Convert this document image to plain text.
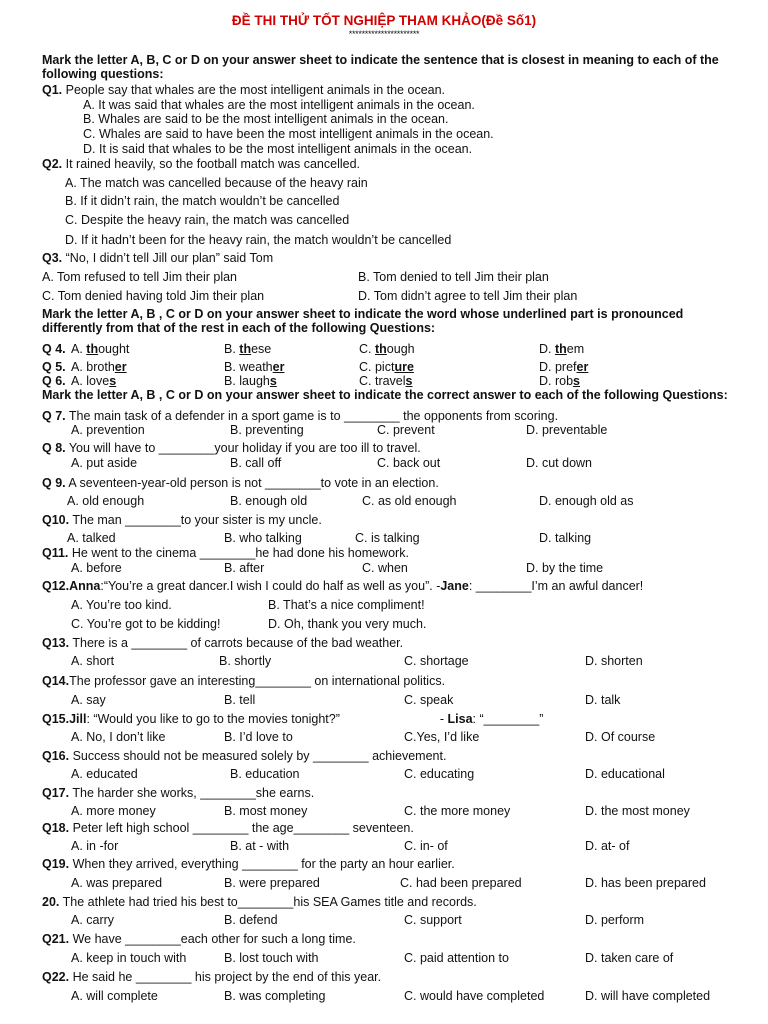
ĐỀ THI THỬ TỐT NGHIỆP THAM KHẢO(Đề Số1)
**********************
Mark the letter A, B, C or D on your answer sheet to indicate the sentence that is closest in meaning to each of the following questions:
Mark the letter A, B , C or D on your answer sheet to indicate the word whose underlined part is pronounced differently from that of the rest in each of the following Questions:
Mark the letter A, B , C or D on your answer sheet to indicate the correct answer to each of the following Questions:
Q1. People say that whales are the most intelligent animals in the ocean.
A. It was said that whales are the most intelligent animals in the ocean.
B. Whales are said to be the most intelligent animals in the ocean.
C. Whales are said to have been the most intelligent animals in the ocean.
D. It is said that whales to be the most intelligent animals in the ocean.
Q2. It rained heavily, so the football match was cancelled.
A. The match was cancelled because of the heavy rain
B. If it didn’t rain, the match wouldn’t be cancelled
C. Despite the heavy rain, the match was cancelled
D. If it hadn’t been for the heavy rain, the match wouldn’t be cancelled
Q3. “No, I didn’t tell Jill our plan” said Tom
A. Tom refused to tell Jim their plan	B. Tom denied to tell Jim their plan
C. Tom denied having told Jim their plan	D. Tom didn’t agree to tell Jim their plan
Q 4. A. thought	B. these	C. though	D. them
Q 5. A. brother	B. weather	C. picture	D. prefer
Q 6. A. loves	B. laughs	C. travels	D. robs
Q 7. The main task of a defender in a sport game is to ________ the opponents from scoring.
A. prevention	B. preventing	C. prevent	D. preventable
Q 8. You will have to ________your holiday if you are too ill to travel.
A. put aside	B. call off	C. back out	D. cut down
Q 9. A seventeen-year-old person is not ________to vote in an election.
A. old enough	B. enough old	C. as old enough	D. enough old as
Q10. The man ________to your sister is my uncle.
A. talked	B. who talking	C. is talking	D. talking
Q11. He went to the cinema ________he had done his homework.
A. before	B. after	C. when	D. by the time
Q12.Anna:“You’re a great dancer.I wish I could do half as well as you”. -Jane: ________I’m an awful dancer!
A. You’re too kind.	B. That’s a nice compliment!
C. You’re got to be kidding!	D. Oh, thank you very much.
Q13. There is a ________ of carrots because of the bad weather.
A. short	B. shortly	C. shortage	D. shorten
Q14.The professor gave an interesting________ on international politics.
A. say	B. tell	C. speak	D. talk
Q15.Jill: “Would you like to go to the movies tonight?”	- Lisa: “________”
A. No, I don’t like	B. I’d love to	C.Yes, I’d like	D. Of course
Q16. Success should not be measured solely by ________ achievement.
A. educated	B. education	C. educating	D. educational
Q17. The harder she works, ________she earns.
A. more money	B. most money	C. the more money	D. the most money
Q18. Peter left high school ________ the age________ seventeen.
A. in -for	B. at - with	C. in- of	D. at- of
Q19. When they arrived, everything ________ for the party an hour earlier.
A. was prepared	B. were prepared	C. had been prepared	D. has been prepared
20. The athlete had tried his best to________his SEA Games title and records.
A. carry	B. defend	C. support	D. perform
Q21. We have ________each other for such a long time.
A. keep in touch with	B. lost touch with	C. paid attention to	D. taken care of
Q22. He said he ________ his project by the end of this year.
A. will complete	B. was completing	C. would have completed	D. will have completed
